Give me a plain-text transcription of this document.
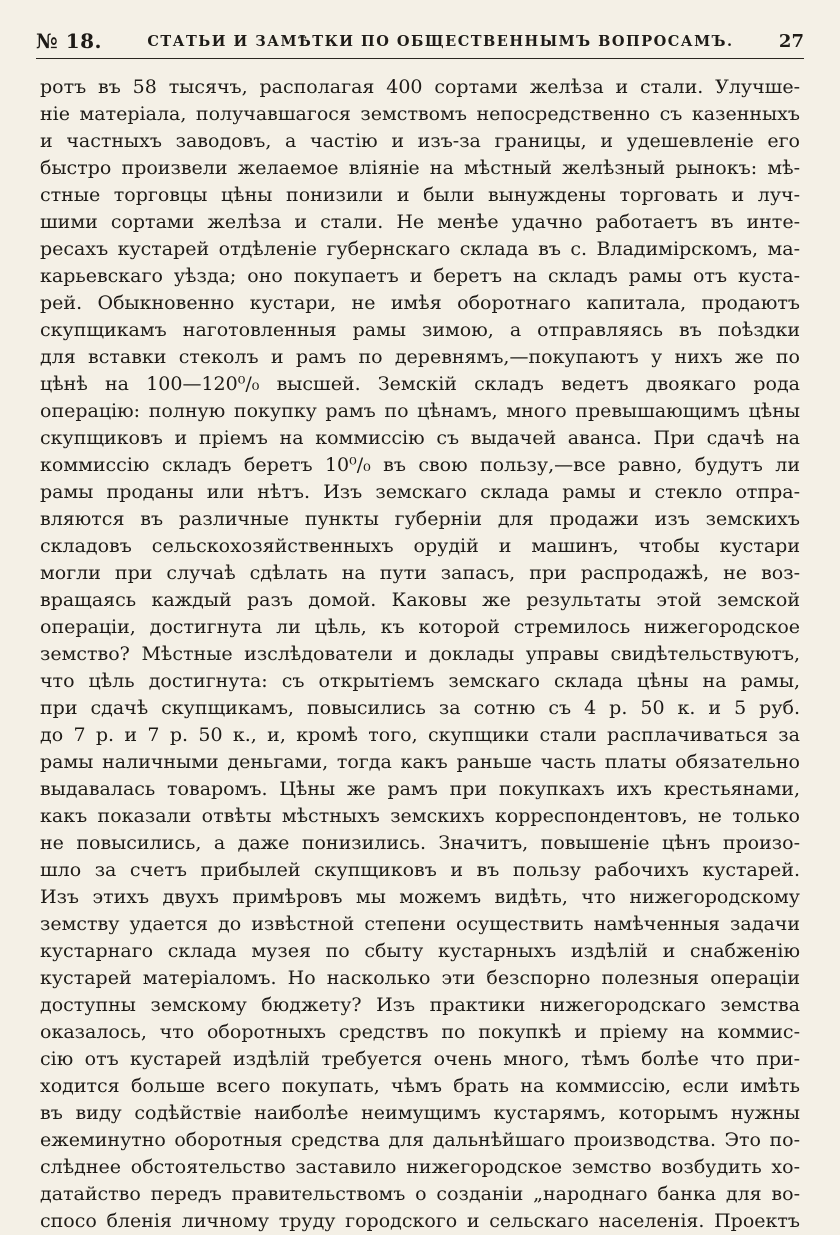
№ 18.	СТАТЬИ И ЗАМѢТКИ ПО ОБЩЕСТВЕННЫМЪ ВОПРОСАМЪ.	27
ротъ въ 58 тысячъ, располагая 400 сортами желѣза и стали. Улучше-
ніе матеріала, получавшагося земствомъ непосредственно съ казенныхъ
и частныхъ заводовъ, а частію и изъ-за границы, и удешевленіе его
быстро произвели желаемое вліяніе на мѣстный желѣзный рынокъ: мѣ-
стные торговцы цѣны понизили и были вынуждены торговать и луч-
шими сортами желѣза и стали. Не менѣе удачно работаетъ въ инте-
ресахъ кустарей отдѣленіе губернскаго склада въ с. Владимірскомъ, ма-
карьевскаго уѣзда; оно покупаетъ и беретъ на складъ рамы отъ куста-
рей. Обыкновенно кустари, не имѣя оборотнаго капитала, продаютъ
скупщикамъ наготовленныя рамы зимою, а отправляясь въ поѣздки
для вставки стеколъ и рамъ по деревнямъ,—покупаютъ у нихъ же по
цѣнѣ на 100—120⁰/₀ высшей. Земскій складъ ведетъ двоякаго рода
операцію: полную покупку рамъ по цѣнамъ, много превышающимъ цѣны
скупщиковъ и пріемъ на коммиссію съ выдачей аванса. При сдачѣ на
коммиссію складъ беретъ 10⁰/₀ въ свою пользу,—все равно, будутъ ли
рамы проданы или нѣтъ. Изъ земскаго склада рамы и стекло отпра-
вляются въ различные пункты губерніи для продажи изъ земскихъ
складовъ сельскохозяйственныхъ орудій и машинъ, чтобы кустари
могли при случаѣ сдѣлать на пути запасъ, при распродажѣ, не воз-
вращаясь каждый разъ домой. Каковы же результаты этой земской
операціи, достигнута ли цѣль, къ которой стремилось нижегородское
земство? Мѣстные изслѣдователи и доклады управы свидѣтельствуютъ,
что цѣль достигнута: съ открытіемъ земскаго склада цѣны на рамы,
при сдачѣ скупщикамъ, повысились за сотню съ 4 р. 50 к. и 5 руб.
до 7 р. и 7 р. 50 к., и, кромѣ того, скупщики стали расплачиваться за
рамы наличными деньгами, тогда какъ раньше часть платы обязательно
выдавалась товаромъ. Цѣны же рамъ при покупкахъ ихъ крестьянами,
какъ показали отвѣты мѣстныхъ земскихъ корреспондентовъ, не только
не повысились, а даже понизились. Значитъ, повышеніе цѣнъ произо-
шло за счетъ прибылей скупщиковъ и въ пользу рабочихъ кустарей.
Изъ этихъ двухъ примѣровъ мы можемъ видѣть, что нижегородскому
земству удается до извѣстной степени осуществить намѣченныя задачи
кустарнаго склада музея по сбыту кустарныхъ издѣлій и снабженію
кустарей матеріаломъ. Но насколько эти безспорно полезныя операціи
доступны земскому бюджету? Изъ практики нижегородскаго земства
оказалось, что оборотныхъ средствъ по покупкѣ и пріему на коммис-
сію отъ кустарей издѣлій требуется очень много, тѣмъ болѣе что при-
ходится больше всего покупать, чѣмъ брать на коммиссію, если имѣть
въ виду содѣйствіе наиболѣе неимущимъ кустарямъ, которымъ нужны
ежеминутно оборотныя средства для дальнѣйшаго производства. Это по-
слѣднее обстоятельство заставило нижегородское земство возбудить хо-
датайство передъ правительствомъ о созданіи „народнаго банка для во-
спосо бленія личному труду городского и сельскаго населенія. Проектъ
